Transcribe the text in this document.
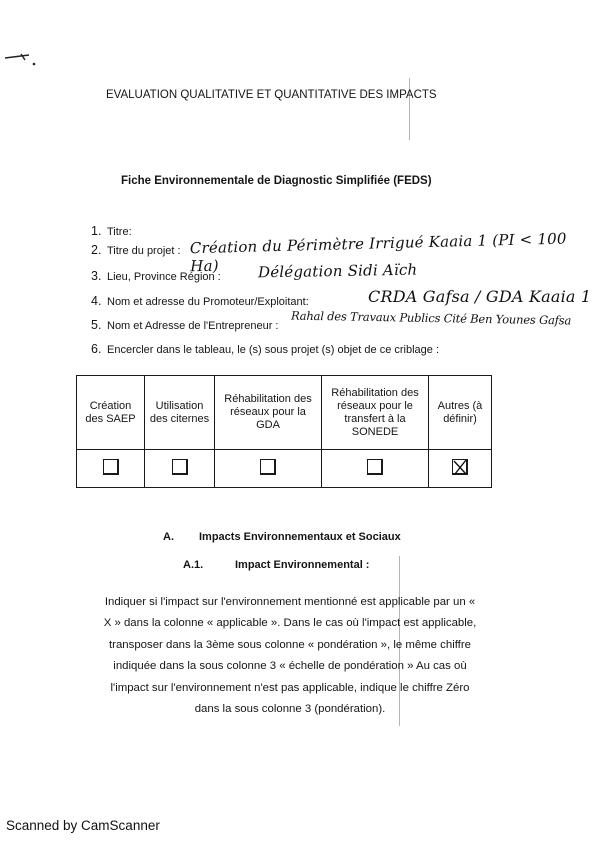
EVALUATION QUALITATIVE ET QUANTITATIVE DES IMPACTS
Fiche Environnementale de Diagnostic Simplifiée (FEDS)
1. Titre:
2. Titre du projet : Création du Périmètre Irrigué Kaaia 1 (PI < 100 Ha)
3. Lieu, Province Région : Délégation Sidi Aïch
4. Nom et adresse du Promoteur/Exploitant:	CRDA Gafsa / GDA Kaaia 1
5. Nom et Adresse de l'Entrepreneur : Rahal des Travaux Publics Cité Ben Younes Gafsa
6. Encercler dans le tableau, le (s) sous projet (s) objet de ce criblage :
Création des SAEP	Utilisation des citernes	Réhabilitation des réseaux pour la GDA	Réhabilitation des réseaux pour le transfert à la SONEDE	Autres (à définir)

A. Impacts Environnementaux et Sociaux
A.1.	Impact Environnemental :
Indiquer si l'impact sur l'environnement mentionné est applicable par un «
X » dans la colonne « applicable ». Dans le cas où l'impact est applicable,
transposer dans la 3ème sous colonne « pondération », le même chiffre
indiquée dans la sous colonne 3 « échelle de pondération » Au cas où
l'impact sur l'environnement n'est pas applicable, indique le chiffre Zéro
dans la sous colonne 3 (pondération).
Scanned by CamScanner
